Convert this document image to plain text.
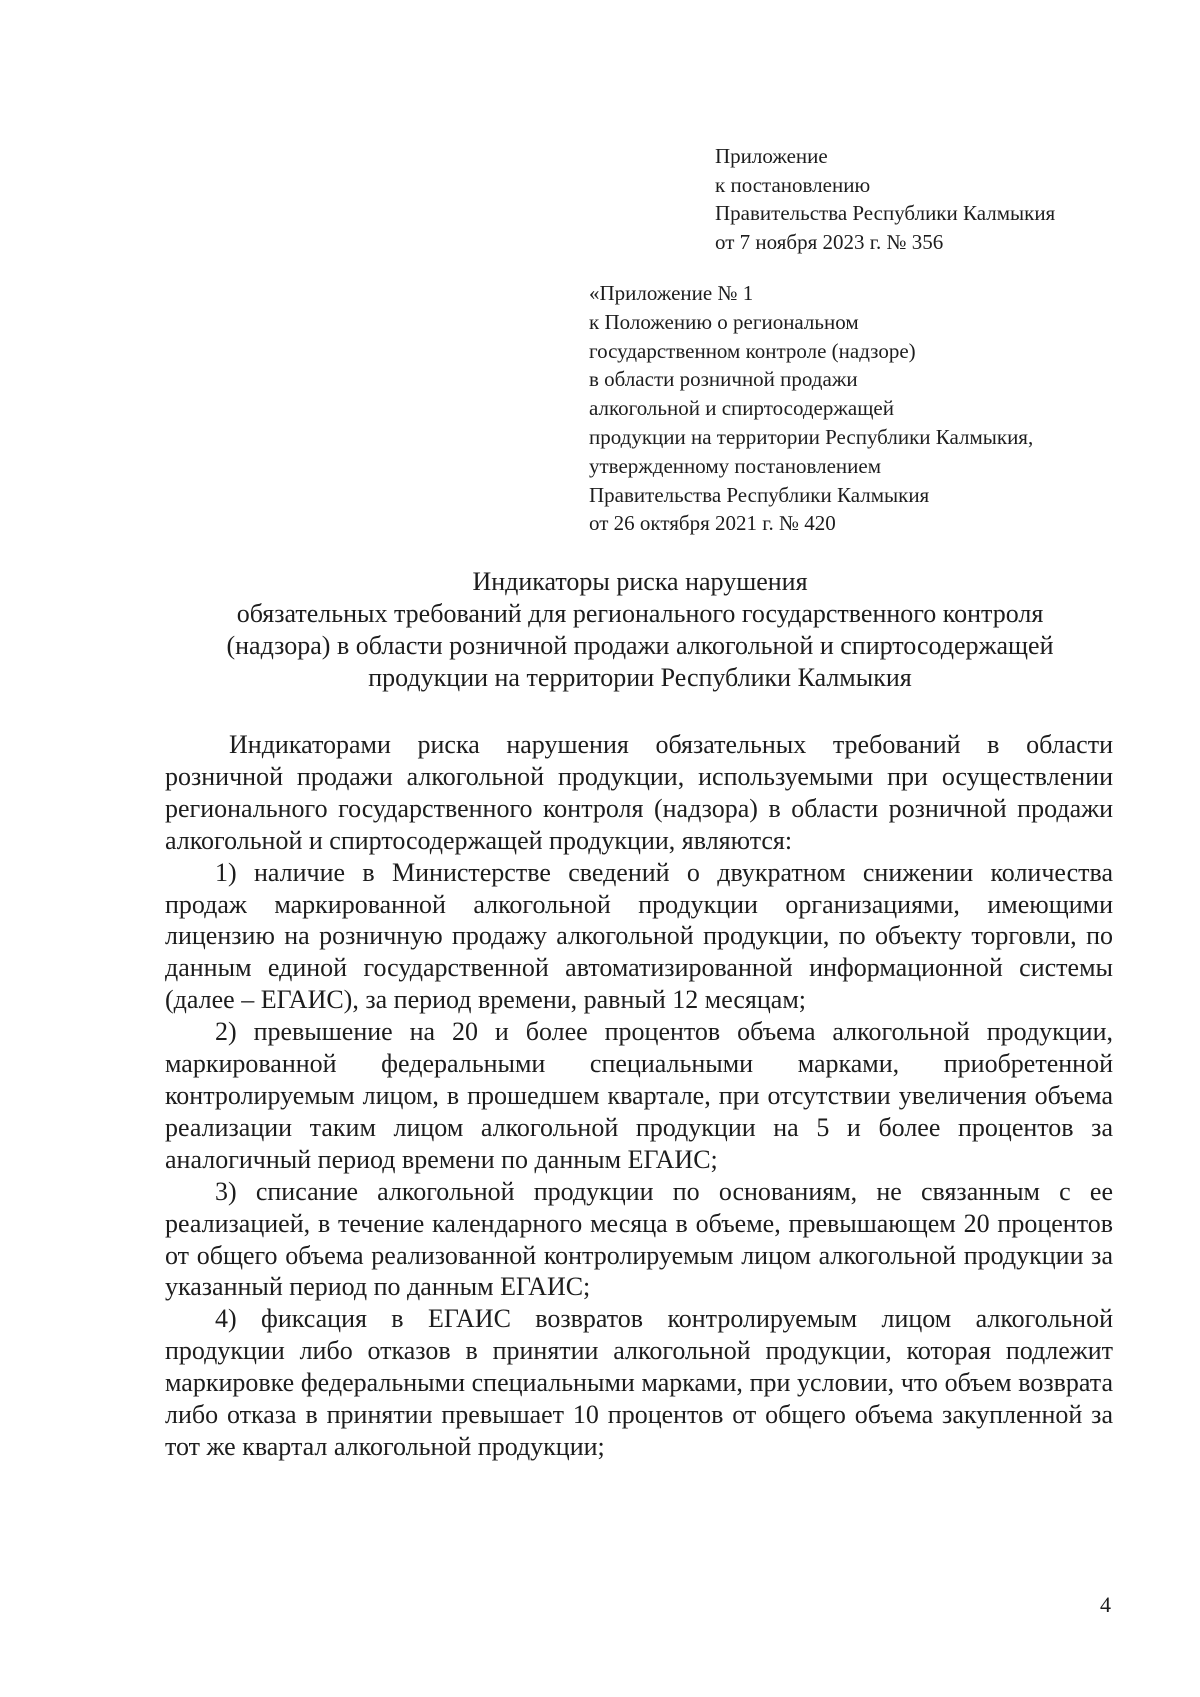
Приложение
к постановлению
Правительства Республики Калмыкия
от 7 ноября 2023 г. № 356
«Приложение № 1
к Положению о региональном
государственном контроле (надзоре)
в области розничной продажи
алкогольной и спиртосодержащей
продукции на территории Республики Калмыкия,
утвержденному постановлением
Правительства Республики Калмыкия
от 26 октября 2021 г. № 420
Индикаторы риска нарушения
обязательных требований для регионального государственного контроля
(надзора) в области розничной продажи алкогольной и спиртосодержащей
продукции на территории Республики Калмыкия

Индикаторами риска нарушения обязательных требований в области розничной продажи алкогольной продукции, используемыми при осуществлении регионального государственного контроля (надзора) в области розничной продажи алкогольной и спиртосодержащей продукции, являются:

1) наличие в Министерстве сведений о двукратном снижении количества продаж маркированной алкогольной продукции организациями, имеющими лицензию на розничную продажу алкогольной продукции, по объекту торговли, по данным единой государственной автоматизированной информационной системы (далее – ЕГАИС), за период времени, равный 12 месяцам;

2) превышение на 20 и более процентов объема алкогольной продукции, маркированной федеральными специальными марками, приобретенной контролируемым лицом, в прошедшем квартале, при отсутствии увеличения объема реализации таким лицом алкогольной продукции на 5 и более процентов за аналогичный период времени по данным ЕГАИС;

3) списание алкогольной продукции по основаниям, не связанным с ее реализацией, в течение календарного месяца в объеме, превышающем 20 процентов от общего объема реализованной контролируемым лицом алкогольной продукции за указанный период по данным ЕГАИС;

4) фиксация в ЕГАИС возвратов контролируемым лицом алкогольной продукции либо отказов в принятии алкогольной продукции, которая подлежит маркировке федеральными специальными марками, при условии, что объем возврата либо отказа в принятии превышает 10 процентов от общего объема закупленной за тот же квартал алкогольной продукции;

4
